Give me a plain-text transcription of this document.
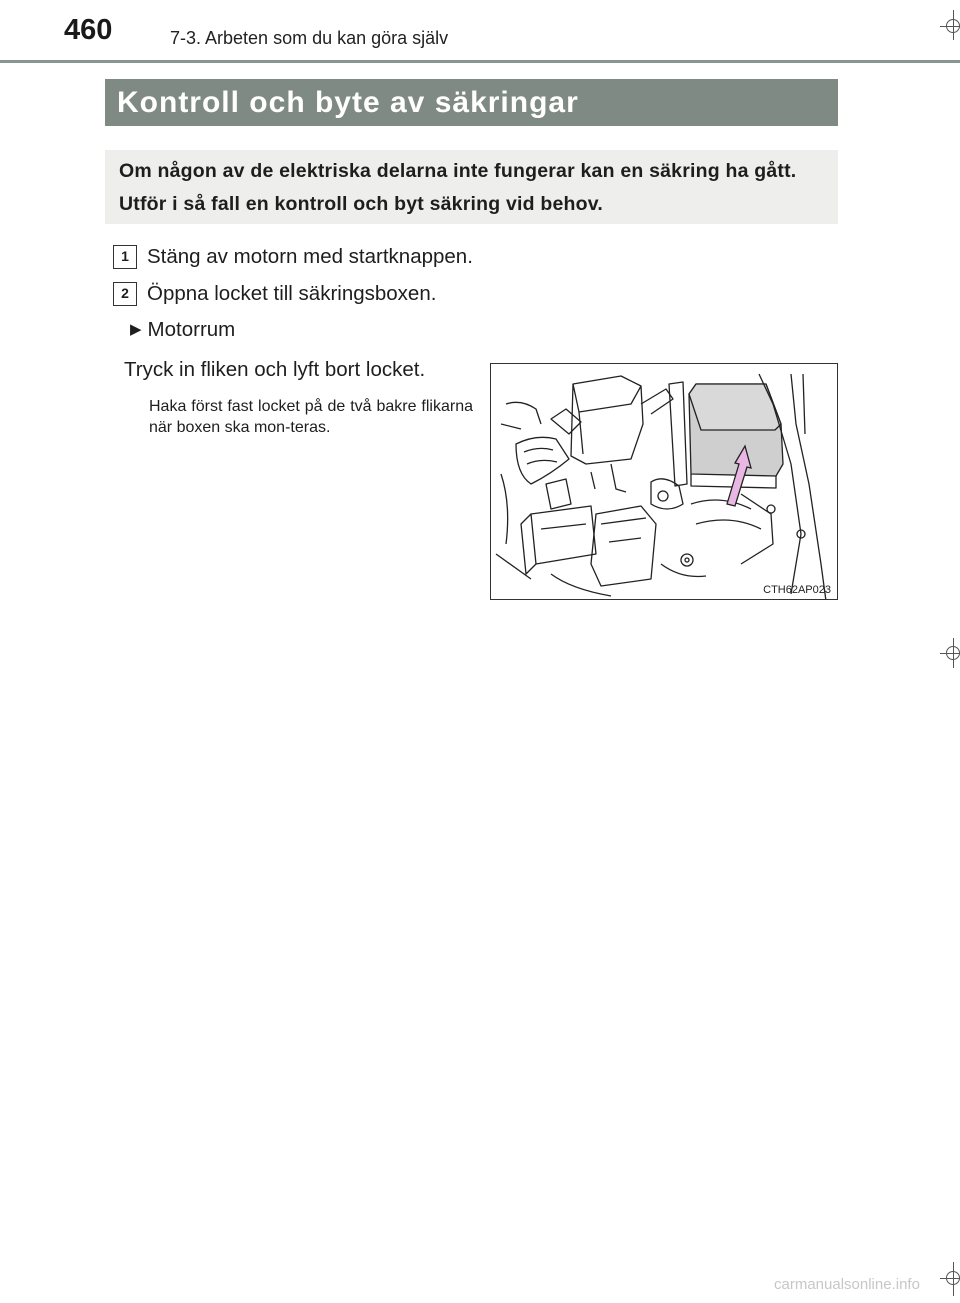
460	7-3. Arbeten som du kan göra själv
Kontroll och byte av säkringar
Om någon av de elektriska delarna inte fungerar kan en säkring ha gått. Utför i så fall en kontroll och byt säkring vid behov.
1 Stäng av motorn med startknappen.
2 Öppna locket till säkringsboxen.
▶ Motorrum
Tryck in fliken och lyft bort locket.
Haka först fast locket på de två bakre flikarna när boxen ska mon-teras.
CTH62AP023
carmanualsonline.info
